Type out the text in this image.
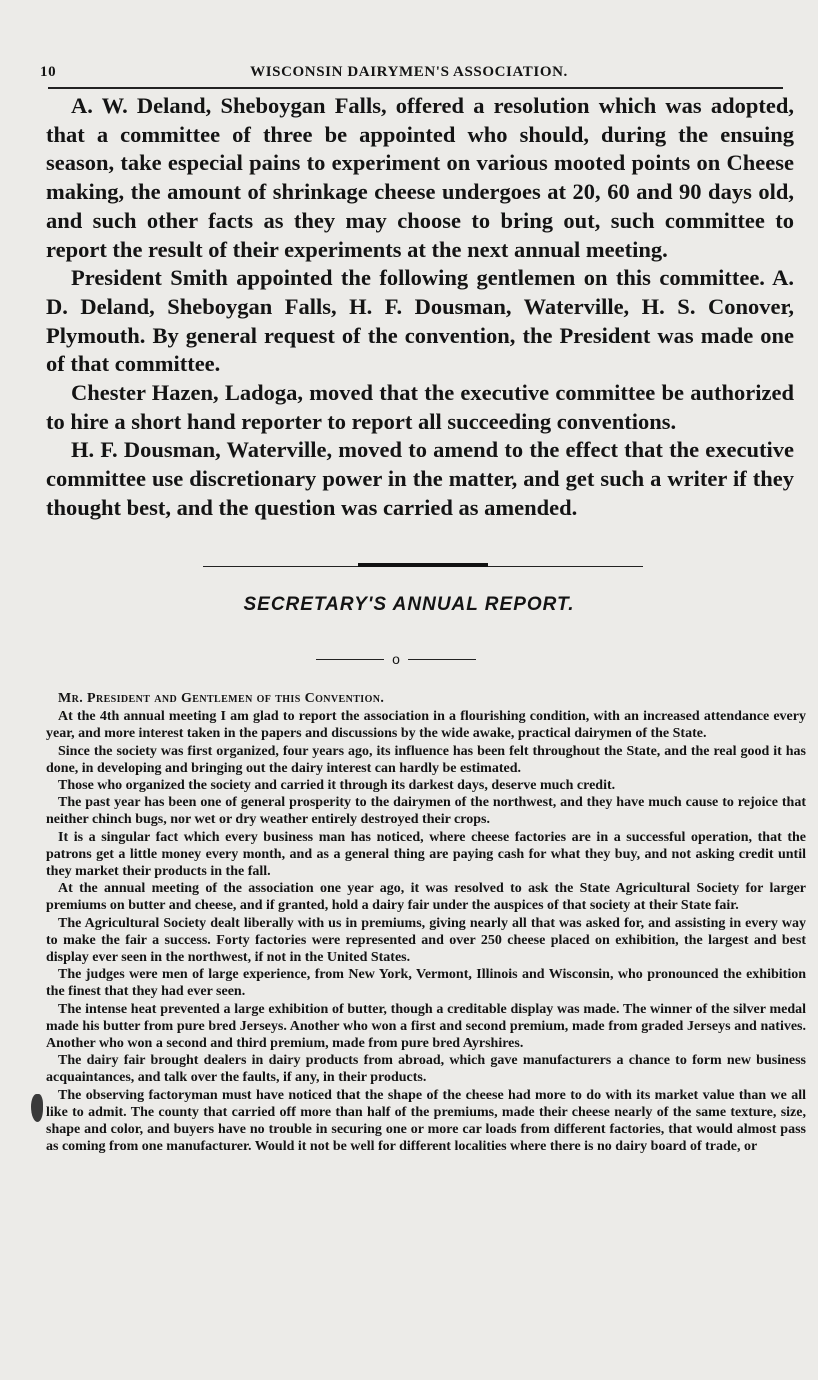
10	WISCONSIN DAIRYMEN'S ASSOCIATION.

A. W. Deland, Sheboygan Falls, offered a resolution which was adopted, that a committee of three be appointed who should, during the ensuing season, take especial pains to experiment on various mooted points on Cheese making, the amount of shrinkage cheese undergoes at 20, 60 and 90 days old, and such other facts as they may choose to bring out, such committee to report the result of their experiments at the next annual meeting.

President Smith appointed the following gentlemen on this committee. A. D. Deland, Sheboygan Falls, H. F. Dousman, Waterville, H. S. Conover, Plymouth. By general request of the convention, the President was made one of that committee.

Chester Hazen, Ladoga, moved that the executive committee be authorized to hire a short hand reporter to report all succeeding conventions.

H. F. Dousman, Waterville, moved to amend to the effect that the executive committee use discretionary power in the matter, and get such a writer if they thought best, and the question was carried as amended.

SECRETARY'S ANNUAL REPORT.
o

Mr. President and Gentlemen of this Convention.

At the 4th annual meeting I am glad to report the association in a flourishing condition, with an increased attendance every year, and more interest taken in the papers and discussions by the wide awake, practical dairymen of the State.

Since the society was first organized, four years ago, its influence has been felt throughout the State, and the real good it has done, in developing and bringing out the dairy interest can hardly be estimated.

Those who organized the society and carried it through its darkest days, deserve much credit.

The past year has been one of general prosperity to the dairymen of the northwest, and they have much cause to rejoice that neither chinch bugs, nor wet or dry weather entirely destroyed their crops.

It is a singular fact which every business man has noticed, where cheese factories are in a successful operation, that the patrons get a little money every month, and as a general thing are paying cash for what they buy, and not asking credit until they market their products in the fall.

At the annual meeting of the association one year ago, it was resolved to ask the State Agricultural Society for larger premiums on butter and cheese, and if granted, hold a dairy fair under the auspices of that society at their State fair.

The Agricultural Society dealt liberally with us in premiums, giving nearly all that was asked for, and assisting in every way to make the fair a success. Forty factories were represented and over 250 cheese placed on exhibition, the largest and best display ever seen in the northwest, if not in the United States.

The judges were men of large experience, from New York, Vermont, Illinois and Wisconsin, who pronounced the exhibition the finest that they had ever seen.

The intense heat prevented a large exhibition of butter, though a creditable display was made. The winner of the silver medal made his butter from pure bred Jerseys. Another who won a first and second premium, made from graded Jerseys and natives. Another who won a second and third premium, made from pure bred Ayrshires.

The dairy fair brought dealers in dairy products from abroad, which gave manufacturers a chance to form new business acquaintances, and talk over the faults, if any, in their products.

The observing factoryman must have noticed that the shape of the cheese had more to do with its market value than we all like to admit. The county that carried off more than half of the premiums, made their cheese nearly of the same texture, size, shape and color, and buyers have no trouble in securing one or more car loads from different factories, that would almost pass as coming from one manufacturer. Would it not be well for different localities where there is no dairy board of trade, or
